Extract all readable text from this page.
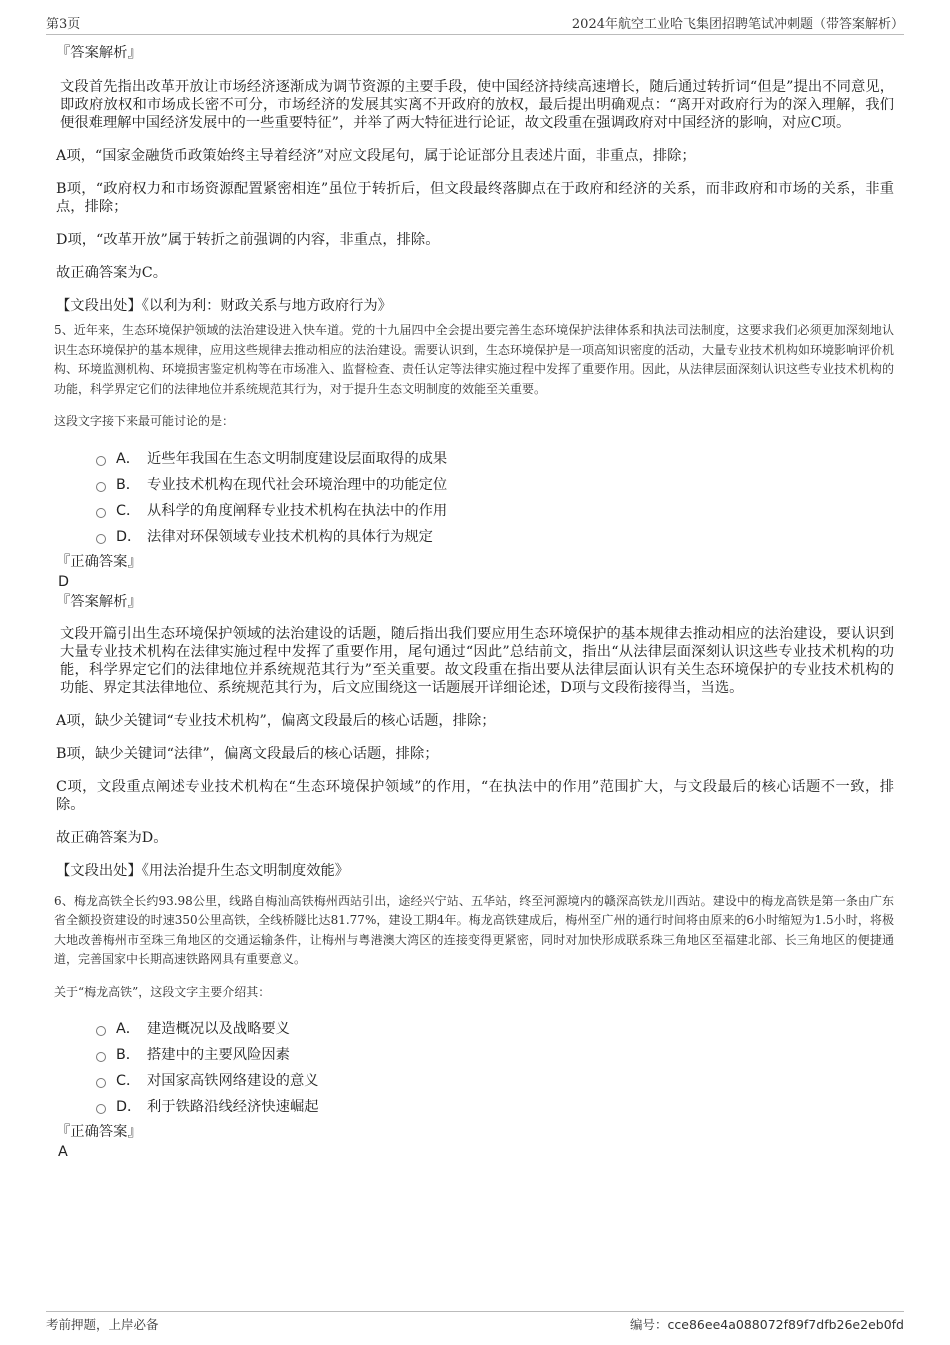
第3页	2024年航空工业哈飞集团招聘笔试冲刺题（带答案解析）

『答案解析』

文段首先指出改革开放让市场经济逐渐成为调节资源的主要手段，使中国经济持续高速增长，随后通过转折词“但是”提出不同意见，即政府放权和市场成长密不可分，市场经济的发展其实离不开政府的放权，最后提出明确观点：“离开对政府行为的深入理解，我们便很难理解中国经济发展中的一些重要特征”，并举了两大特征进行论证，故文段重在强调政府对中国经济的影响，对应C项。

A项，“国家金融货币政策始终主导着经济”对应文段尾句，属于论证部分且表述片面，非重点，排除；

B项，“政府权力和市场资源配置紧密相连”虽位于转折后，但文段最终落脚点在于政府和经济的关系，而非政府和市场的关系，非重点，排除；

D项，“改革开放”属于转折之前强调的内容，非重点，排除。

故正确答案为C。

【文段出处】《以利为利：财政关系与地方政府行为》

5、近年来，生态环境保护领域的法治建设进入快车道。党的十九届四中全会提出要完善生态环境保护法律体系和执法司法制度，这要求我们必须更加深刻地认识生态环境保护的基本规律，应用这些规律去推动相应的法治建设。需要认识到，生态环境保护是一项高知识密度的活动，大量专业技术机构如环境影响评价机构、环境监测机构、环境损害鉴定机构等在市场准入、监督检查、责任认定等法律实施过程中发挥了重要作用。因此，从法律层面深刻认识这些专业技术机构的功能，科学界定它们的法律地位并系统规范其行为，对于提升生态文明制度的效能至关重要。

这段文字接下来最可能讨论的是：

A． 近些年我国在生态文明制度建设层面取得的成果
B． 专业技术机构在现代社会环境治理中的功能定位
C． 从科学的角度阐释专业技术机构在执法中的作用
D． 法律对环保领域专业技术机构的具体行为规定

『正确答案』

D

『答案解析』

文段开篇引出生态环境保护领域的法治建设的话题，随后指出我们要应用生态环境保护的基本规律去推动相应的法治建设，要认识到大量专业技术机构在法律实施过程中发挥了重要作用，尾句通过“因此”总结前文，指出“从法律层面深刻认识这些专业技术机构的功能，科学界定它们的法律地位并系统规范其行为”至关重要。故文段重在指出要从法律层面认识有关生态环境保护的专业技术机构的功能、界定其法律地位、系统规范其行为，后文应围绕这一话题展开详细论述，D项与文段衔接得当，当选。

A项，缺少关键词“专业技术机构”，偏离文段最后的核心话题，排除；

B项，缺少关键词“法律”，偏离文段最后的核心话题，排除；

C项，文段重点阐述专业技术机构在“生态环境保护领域”的作用，“在执法中的作用”范围扩大，与文段最后的核心话题不一致，排除。

故正确答案为D。

【文段出处】《用法治提升生态文明制度效能》

6、梅龙高铁全长约93.98公里，线路自梅汕高铁梅州西站引出，途经兴宁站、五华站，终至河源境内的赣深高铁龙川西站。建设中的梅龙高铁是第一条由广东省全额投资建设的时速350公里高铁，全线桥隧比达81.77%，建设工期4年。梅龙高铁建成后，梅州至广州的通行时间将由原来的6小时缩短为1.5小时，将极大地改善梅州市至珠三角地区的交通运输条件，让梅州与粤港澳大湾区的连接变得更紧密，同时对加快形成联系珠三角地区至福建北部、长三角地区的便捷通道，完善国家中长期高速铁路网具有重要意义。

关于“梅龙高铁”，这段文字主要介绍其：

A． 建造概况以及战略要义
B． 搭建中的主要风险因素
C． 对国家高铁网络建设的意义
D． 利于铁路沿线经济快速崛起

『正确答案』

A

考前押题，上岸必备	编号：cce86ee4a088072f89f7dfb26e2eb0fd
